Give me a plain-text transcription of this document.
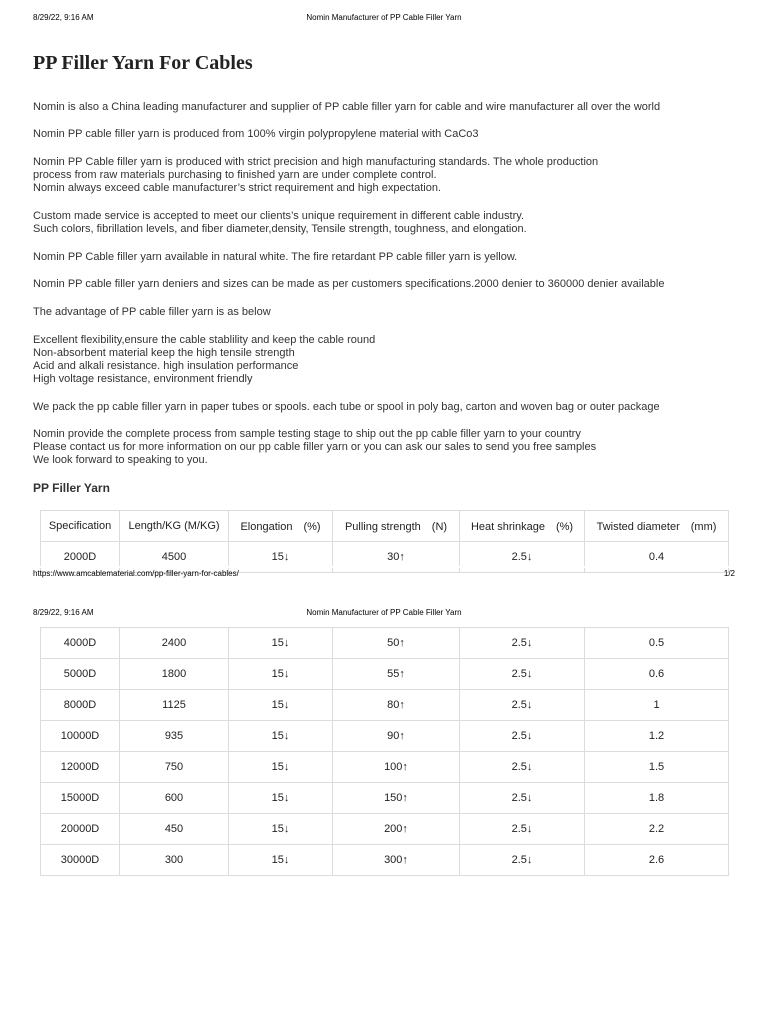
8/29/22, 9:16 AM	Nomin Manufacturer of PP Cable Filler Yarn
PP Filler Yarn For Cables
Nomin is also a China leading manufacturer and supplier of PP cable filler yarn for cable and wire manufacturer all over the world
Nomin PP cable filler yarn is produced from 100% virgin polypropylene material with CaCo3
Nomin PP Cable filler yarn is produced with strict precision and high manufacturing standards. The whole production
process from raw materials purchasing to finished yarn are under complete control.
Nomin always exceed cable manufacturer’s strict requirement and high expectation.
Custom made service is accepted to meet our clients’s unique requirement in different cable industry.
Such colors, fibrillation levels, and fiber diameter,density, Tensile strength, toughness, and elongation.
Nomin PP Cable filler yarn available in natural white. The fire retardant PP cable filler yarn is yellow.
Nomin PP cable filler yarn deniers and sizes can be made as per customers specifications.2000 denier to 360000 denier available
The advantage of PP cable filler yarn is as below
Excellent flexibility,ensure the cable stablility and keep the cable round
Non-absorbent material keep the high tensile strength
Acid and alkali resistance. high insulation performance
High voltage resistance, environment friendly
We pack the pp cable filler yarn in paper tubes or spools. each tube or spool in poly bag, carton and woven bag or outer package
Nomin provide the complete process from sample testing stage to ship out the pp cable filler yarn to your country
Please contact us for more information on our pp cable filler yarn or you can ask our sales to send you free samples
We look forward to speaking to you.
PP Filler Yarn
Specification	Length/KG (M/KG)	Elongation　(%)	Pulling strength　(N)	Heat shrinkage　(%)	Twisted diameter　(mm)
2000D	4500	15↓	30↑	2.5↓	0.4
https://www.amcablematerial.com/pp-filler-yarn-for-cables/	1/2
8/29/22, 9:16 AM	Nomin Manufacturer of PP Cable Filler Yarn
4000D	2400	15↓	50↑	2.5↓	0.5
5000D	1800	15↓	55↑	2.5↓	0.6
8000D	1125	15↓	80↑	2.5↓	1
10000D	935	15↓	90↑	2.5↓	1.2
12000D	750	15↓	100↑	2.5↓	1.5
15000D	600	15↓	150↑	2.5↓	1.8
20000D	450	15↓	200↑	2.5↓	2.2
30000D	300	15↓	300↑	2.5↓	2.6
